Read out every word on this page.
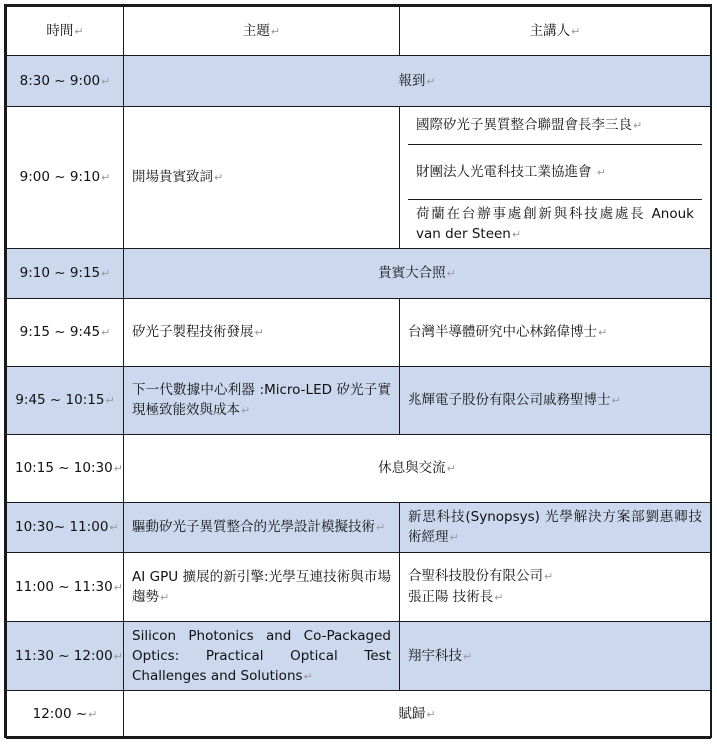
時間↵	主題↵	主講人↵
8:30 ~ 9:00↵	報到↵	
9:00 ~ 9:10↵	開場貴賓致詞↵	國際矽光子異質整合聯盟會長李三良↵
財團法人光電科技工業協進會 ↵
荷蘭在台辦事處創新與科技處處長 Anouk van der Steen↵

9:10 ~ 9:15↵	貴賓大合照↵	
9:15 ~ 9:45↵	矽光子製程技術發展↵	台灣半導體研究中心林銘偉博士↵
9:45 ~ 10:15↵	下一代數據中心利器 :Micro-LED 矽光子實現極致能效與成本↵	兆輝電子股份有限公司戚務聖博士↵
10:15 ~ 10:30↵	休息與交流↵	
10:30~ 11:00↵	驅動矽光子異質整合的光學設計模擬技術↵	新思科技(Synopsys) 光學解決方案部劉惠卿技術經理↵
11:00 ~ 11:30↵	AI GPU 擴展的新引擎:光學互連技術與市場趨勢↵	合聖科技股份有限公司↵
張正陽 技術長↵
11:30 ~ 12:00↵	Silicon Photonics and Co-Packaged Optics: Practical Optical Test Challenges and Solutions↵	翔宇科技↵
12:00 ~↵	賦歸↵	
